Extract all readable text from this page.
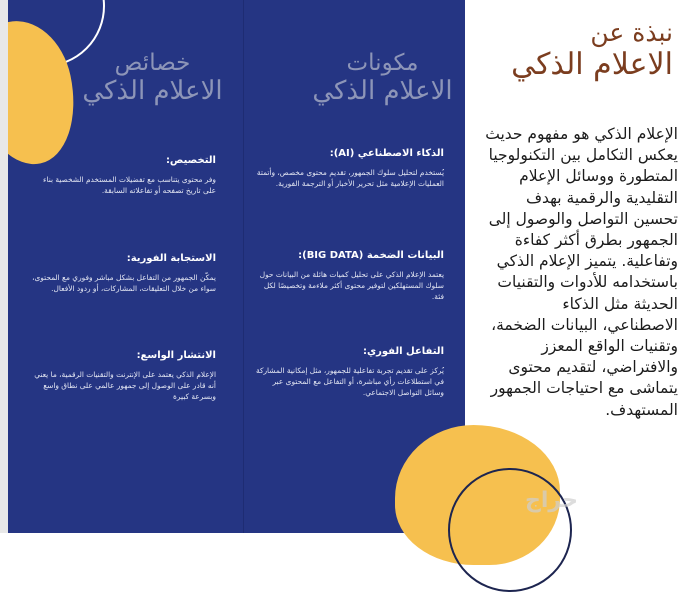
خصائص
الاعلام الذكي
مكونات
الاعلام الذكي
التخصيص:
وفر محتوى يتناسب مع تفضيلات المستخدم الشخصية بناء على تاريخ تصفحه أو تفاعلاته السابقة.
الاستجابة الفورية:
يمكّن الجمهور من التفاعل بشكل مباشر وفوري مع المحتوى، سواء من خلال التعليقات، المشاركات، أو ردود الأفعال.
الانتشار الواسع:
الإعلام الذكي يعتمد على الإنترنت والتقنيات الرقمية، ما يعني أنه قادر على الوصول إلى جمهور عالمي على نطاق واسع وبسرعة كبيرة
الذكاء الاصطناعي (AI):
يُستخدم لتحليل سلوك الجمهور، تقديم محتوى مخصص، وأتمتة العمليات الإعلامية مثل تحرير الأخبار أو الترجمة الفورية.
البيانات الضخمة (BIG DATA):
يعتمد الإعلام الذكي على تحليل كميات هائلة من البيانات حول سلوك المستهلكين لتوفير محتوى أكثر ملاءمة وتخصيصًا لكل فئة.
التفاعل الفوري:
يُركز على تقديم تجربة تفاعلية للجمهور، مثل إمكانية المشاركة في استطلاعات رأي مباشرة، أو التفاعل مع المحتوى عبر وسائل التواصل الاجتماعي.
نبذة عن
الاعلام الذكي
الإعلام الذكي هو مفهوم حديث يعكس التكامل بين التكنولوجيا المتطورة ووسائل الإعلام التقليدية والرقمية بهدف تحسين التواصل والوصول إلى الجمهور بطرق أكثر كفاءة وتفاعلية. يتميز الإعلام الذكي باستخدامه للأدوات والتقنيات الحديثة مثل الذكاء الاصطناعي، البيانات الضخمة، وتقنيات الواقع المعزز والافتراضي، لتقديم محتوى يتماشى مع احتياجات الجمهور المستهدف.
حراج
